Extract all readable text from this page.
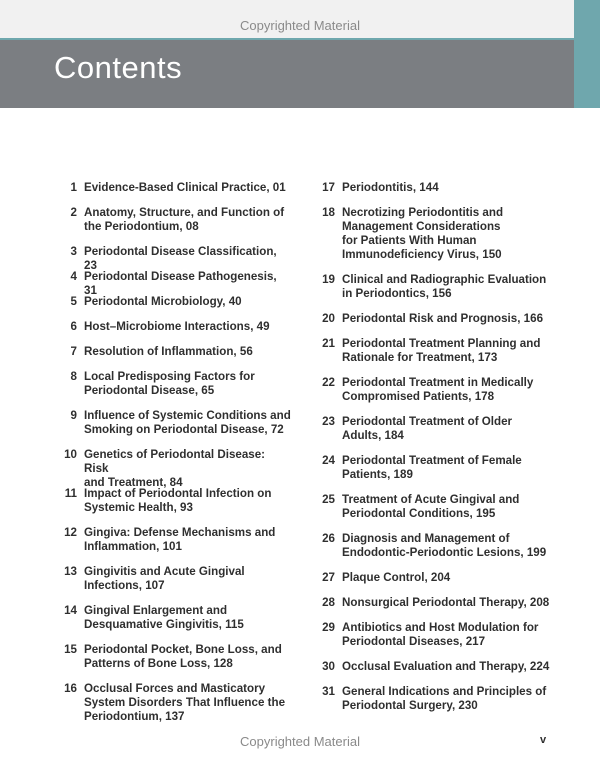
Copyrighted Material
Contents
1 Evidence-Based Clinical Practice, 01
2 Anatomy, Structure, and Function of
the Periodontium, 08
3 Periodontal Disease Classification, 23
4 Periodontal Disease Pathogenesis, 31
5 Periodontal Microbiology, 40
6 Host–Microbiome Interactions, 49
7 Resolution of Inflammation, 56
8 Local Predisposing Factors for
Periodontal Disease, 65
9 Influence of Systemic Conditions and
Smoking on Periodontal Disease, 72
10 Genetics of Periodontal Disease: Risk
and Treatment, 84
11 Impact of Periodontal Infection on
Systemic Health, 93
12 Gingiva: Defense Mechanisms and
Inflammation, 101
13 Gingivitis and Acute Gingival
Infections, 107
14 Gingival Enlargement and
Desquamative Gingivitis, 115
15 Periodontal Pocket, Bone Loss, and
Patterns of Bone Loss, 128
16 Occlusal Forces and Masticatory
System Disorders That Influence the
Periodontium, 137
17 Periodontitis, 144
18 Necrotizing Periodontitis and
Management Considerations
for Patients With Human
Immunodeficiency Virus, 150
19 Clinical and Radiographic Evaluation
in Periodontics, 156
20 Periodontal Risk and Prognosis, 166
21 Periodontal Treatment Planning and
Rationale for Treatment, 173
22 Periodontal Treatment in Medically
Compromised Patients, 178
23 Periodontal Treatment of Older
Adults, 184
24 Periodontal Treatment of Female
Patients, 189
25 Treatment of Acute Gingival and
Periodontal Conditions, 195
26 Diagnosis and Management of
Endodontic-Periodontic Lesions, 199
27 Plaque Control, 204
28 Nonsurgical Periodontal Therapy, 208
29 Antibiotics and Host Modulation for
Periodontal Diseases, 217
30 Occlusal Evaluation and Therapy, 224
31 General Indications and Principles of
Periodontal Surgery, 230
Copyrighted Material	v
